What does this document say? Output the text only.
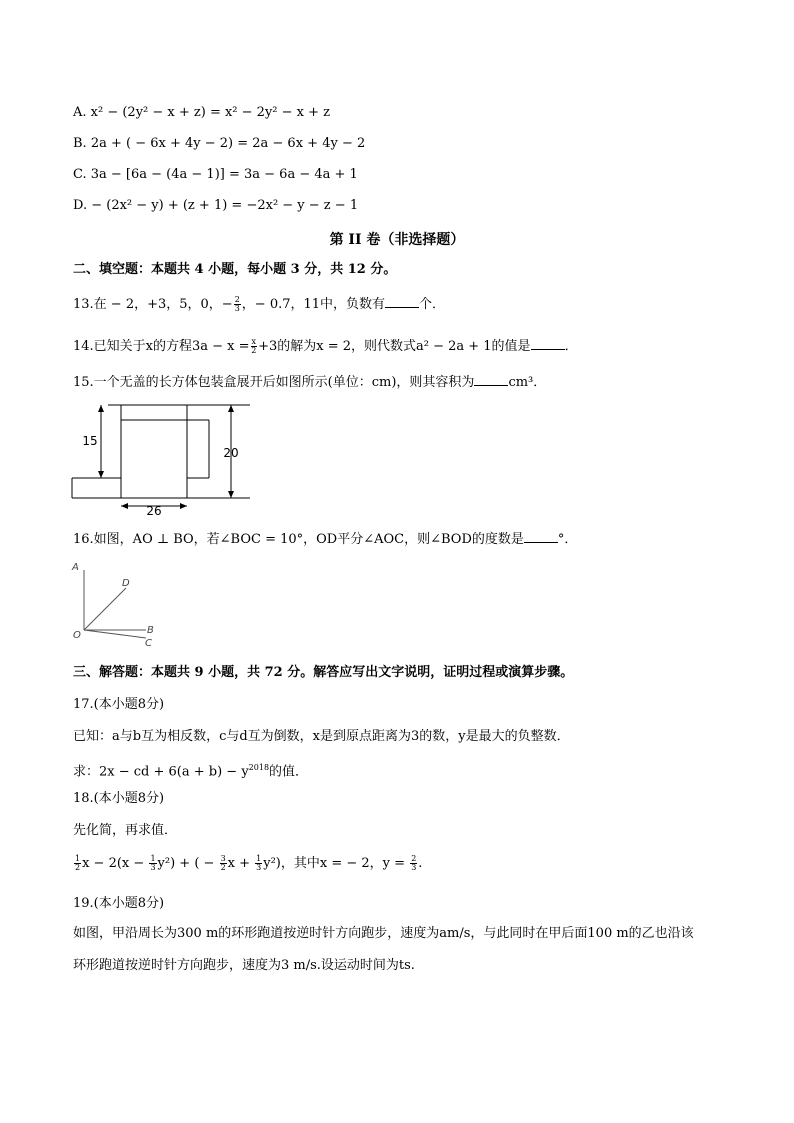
A. x² − (2y² − x + z) = x² − 2y² − x + z
B. 2a + ( − 6x + 4y − 2) = 2a − 6x + 4y − 2
C. 3a − [6a − (4a − 1)] = 3a − 6a − 4a + 1
D. − (2x² − y) + (z + 1) = −2x² − y − z − 1
第 II 卷（非选择题）
二、填空题：本题共 4 小题，每小题 3 分，共 12 分。
13.在 − 2，+3，5，0，− $\frac{2}{3}$ ，− 0.7，11中，负数有	个．
14.已知关于x的方程$3a - x = \frac{x}{2} +3$的解为x = 2，则代数式a² − 2a + 1的值是	．
15.一个无盖的长方体包装盒展开后如图所示(单位：cm)，则其容积为	cm³．
15
20
26
16.如图，AO ⊥ BO，若∠BOC = 10°，OD平分∠AOC，则∠BOD的度数是	°．
A
D
O	B
C
三、解答题：本题共 9 小题，共 72 分。解答应写出文字说明，证明过程或演算步骤。
17.(本小题8分)
已知：a与b互为相反数，c与d互为倒数，x是到原点距离为3的数，y是最大的负整数．
求：2x − cd + $6(a + b) - y^{2018}$的值．
18.(本小题8分)
先化简，再求值．
$\frac{1}{2}$ $x - 2(x - \frac{1}{3} y^2)$ + ( − $\frac{3}{2}$ $x + \frac{1}{3} y^2$)，其中x = − 2，$y = \frac{2}{3}$ .
19.(本小题8分)
如图，甲沿周长为300 m的环形跑道按逆时针方向跑步，速度为am/s，与此同时在甲后面100 m的乙也沿该
环形跑道按逆时针方向跑步，速度为3 m/s.设运动时间为ts.
